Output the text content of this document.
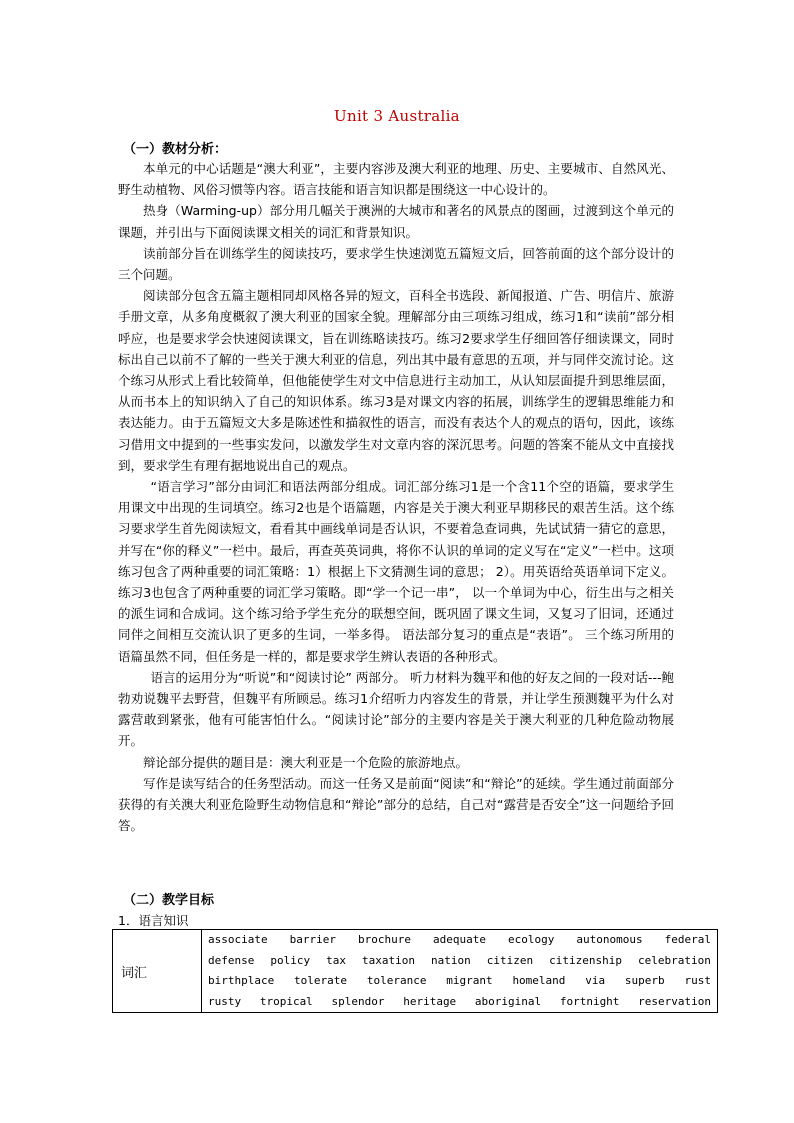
Unit 3 Australia
（一）教材分析：

本单元的中心话题是“澳大利亚”，主要内容涉及澳大利亚的地理、历史、主要城市、自然风光、野生动植物、风俗习惯等内容。语言技能和语言知识都是围绕这一中心设计的。

热身（Warming-up）部分用几幅关于澳洲的大城市和著名的风景点的图画，过渡到这个单元的课题，并引出与下面阅读课文相关的词汇和背景知识。

读前部分旨在训练学生的阅读技巧，要求学生快速浏览五篇短文后，回答前面的这个部分设计的三个问题。

阅读部分包含五篇主题相同却风格各异的短文，百科全书选段、新闻报道、广告、明信片、旅游手册文章，从多角度概叙了澳大利亚的国家全貌。理解部分由三项练习组成，练习1和“读前”部分相呼应，也是要求学会快速阅读课文，旨在训练略读技巧。练习2要求学生仔细回答仔细读课文，同时标出自己以前不了解的一些关于澳大利亚的信息，列出其中最有意思的五项，并与同伴交流讨论。这个练习从形式上看比较简单，但他能使学生对文中信息进行主动加工，从认知层面提升到思维层面，从而书本上的知识纳入了自己的知识体系。练习3是对课文内容的拓展，训练学生的逻辑思维能力和表达能力。由于五篇短文大多是陈述性和描叙性的语言，而没有表达个人的观点的语句，因此，该练习借用文中提到的一些事实发问，以激发学生对文章内容的深沉思考。问题的答案不能从文中直接找到，要求学生有理有据地说出自己的观点。

“语言学习”部分由词汇和语法两部分组成。词汇部分练习1是一个含11个空的语篇，要求学生用课文中出现的生词填空。练习2也是个语篇题，内容是关于澳大利亚早期移民的艰苦生活。这个练习要求学生首先阅读短文，看看其中画线单词是否认识，不要着急查词典，先试试猜一猜它的意思，并写在“你的释义”一栏中。最后，再查英英词典，将你不认识的单词的定义写在“定义”一栏中。这项练习包含了两种重要的词汇策略：1）根据上下文猜测生词的意思； 2）。用英语给英语单词下定义。练习3也包含了两种重要的词汇学习策略。即“学一个记一串”， 以一个单词为中心，衍生出与之相关的派生词和合成词。这个练习给予学生充分的联想空间，既巩固了课文生词，又复习了旧词，还通过同伴之间相互交流认识了更多的生词，一举多得。 语法部分复习的重点是“表语”。 三个练习所用的语篇虽然不同，但任务是一样的，都是要求学生辨认表语的各种形式。

语言的运用分为“听说”和“阅读讨论” 两部分。 听力材料为魏平和他的好友之间的一段对话---鲍勃劝说魏平去野营，但魏平有所顾忌。练习1介绍听力内容发生的背景，并让学生预测魏平为什么对露营敢到紧张，他有可能害怕什么。“阅读讨论”部分的主要内容是关于澳大利亚的几种危险动物展开。

辩论部分提供的题目是：澳大利亚是一个危险的旅游地点。

写作是读写结合的任务型活动。而这一任务又是前面“阅读”和“辩论”的延续。学生通过前面部分获得的有关澳大利亚危险野生动物信息和“辩论”部分的总结，自己对“露营是否安全”这一问题给予回答。

（二）教学目标
1．语言知识
词汇	
associate barrier brochure adequate ecology autonomous federal
defense policy tax taxation nation citizen citizenship celebration
birthplace tolerate tolerance migrant homeland via superb rust
rusty tropical splendor heritage aboriginal fortnight reservation
